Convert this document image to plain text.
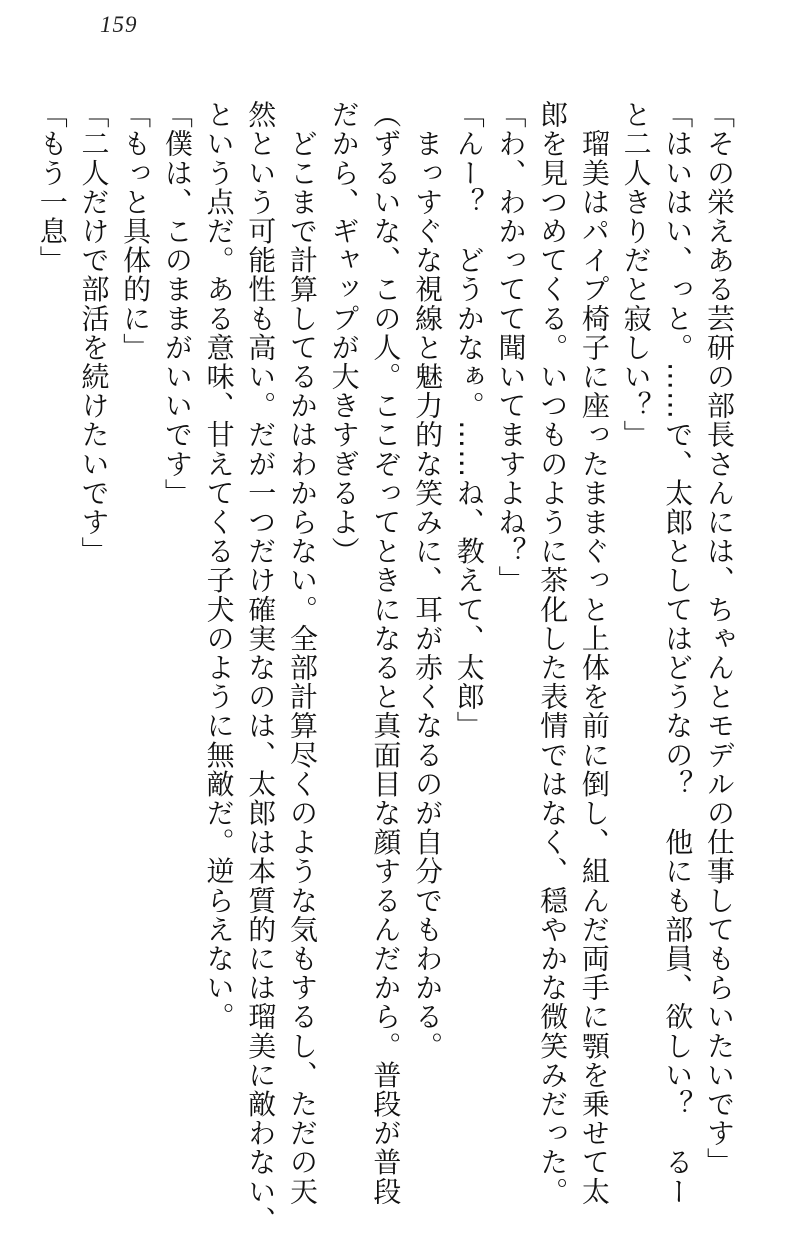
159

「その栄えある芸研の部長さんには、ちゃんとモデルの仕事してもらいたいです」

「はいはい、っと。……で、太郎としてはどうなの？　他にも部員、欲しい？　るー

と二人きりだと寂しい？」

　瑠美はパイプ椅子に座ったままぐっと上体を前に倒し、組んだ両手に顎を乗せて太

郎を見つめてくる。いつものように茶化した表情ではなく、穏やかな微笑みだった。

「わ、わかってて聞いてますよね？」

「んー？　どうかなぁ。……ね、教えて、太郎」

　まっすぐな視線と魅力的な笑みに、耳が赤くなるのが自分でもわかる。

（ずるいな、この人。ここぞってときになると真面目な顔するんだから。普段が普段

だから、ギャップが大きすぎるよ）

　どこまで計算してるかはわからない。全部計算尽くのような気もするし、ただの天

然という可能性も高い。だが一つだけ確実なのは、太郎は本質的には瑠美に敵わない、

という点だ。ある意味、甘えてくる子犬のように無敵だ。逆らえない。

「僕は、このままがいいです」

「もっと具体的に」

「二人だけで部活を続けたいです」

「もう一息」
